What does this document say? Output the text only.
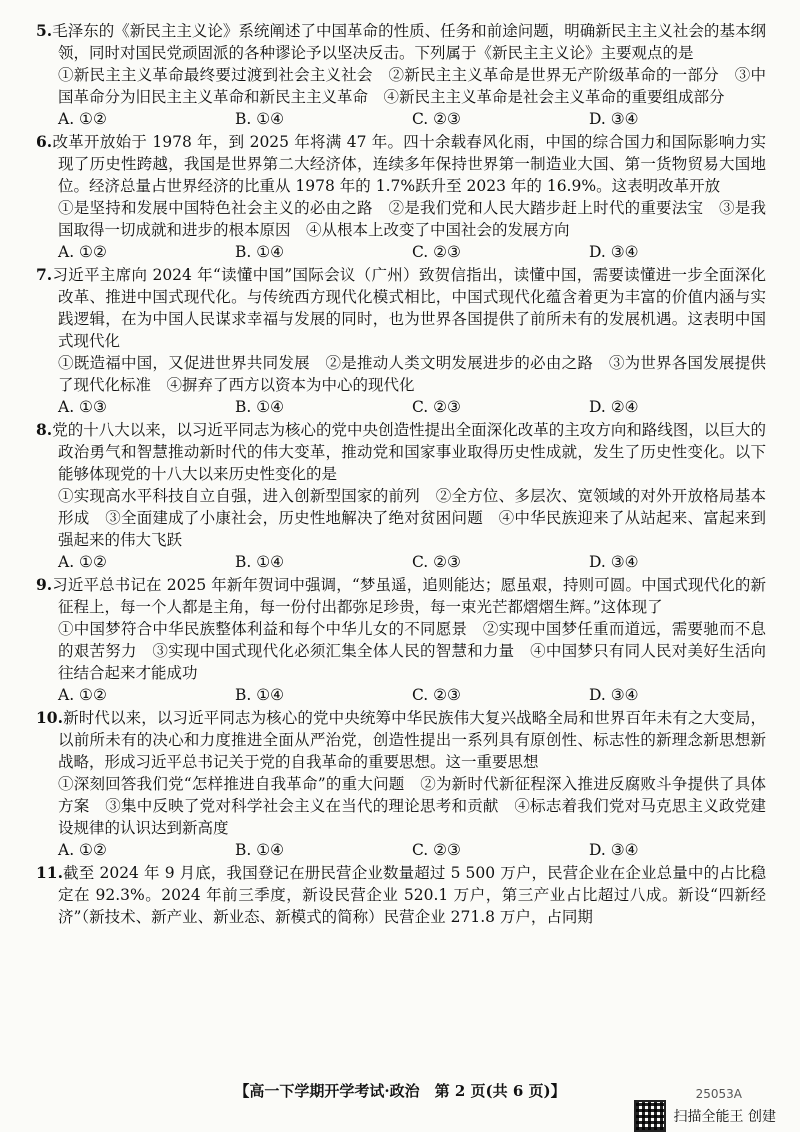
5.毛泽东的《新民主主义论》系统阐述了中国革命的性质、任务和前途问题，明确新民主主义社会的基本纲领，同时对国民党顽固派的各种谬论予以坚决反击。下列属于《新民主主义论》主要观点的是
①新民主主义革命最终要过渡到社会主义社会　②新民主主义革命是世界无产阶级革命的一部分　③中国革命分为旧民主主义革命和新民主主义革命　④新民主主义革命是社会主义革命的重要组成部分
A. ①②	B. ①④	C. ②③	D. ③④
6.改革开放始于 1978 年，到 2025 年将满 47 年。四十余载春风化雨，中国的综合国力和国际影响力实现了历史性跨越，我国是世界第二大经济体，连续多年保持世界第一制造业大国、第一货物贸易大国地位。经济总量占世界经济的比重从 1978 年的 1.7%跃升至 2023 年的 16.9%。这表明改革开放
①是坚持和发展中国特色社会主义的必由之路　②是我们党和人民大踏步赶上时代的重要法宝　③是我国取得一切成就和进步的根本原因　④从根本上改变了中国社会的发展方向
A. ①②	B. ①④	C. ②③	D. ③④
7.习近平主席向 2024 年“读懂中国”国际会议（广州）致贺信指出，读懂中国，需要读懂进一步全面深化改革、推进中国式现代化。与传统西方现代化模式相比，中国式现代化蕴含着更为丰富的价值内涵与实践逻辑，在为中国人民谋求幸福与发展的同时，也为世界各国提供了前所未有的发展机遇。这表明中国式现代化
①既造福中国，又促进世界共同发展　②是推动人类文明发展进步的必由之路　③为世界各国发展提供了现代化标准　④摒弃了西方以资本为中心的现代化
A. ①③	B. ①④	C. ②③	D. ②④
8.党的十八大以来，以习近平同志为核心的党中央创造性提出全面深化改革的主攻方向和路线图，以巨大的政治勇气和智慧推动新时代的伟大变革，推动党和国家事业取得历史性成就，发生了历史性变化。以下能够体现党的十八大以来历史性变化的是
①实现高水平科技自立自强，进入创新型国家的前列　②全方位、多层次、宽领域的对外开放格局基本形成　③全面建成了小康社会，历史性地解决了绝对贫困问题　④中华民族迎来了从站起来、富起来到强起来的伟大飞跃
A. ①②	B. ①④	C. ②③	D. ③④
9.习近平总书记在 2025 年新年贺词中强调，“梦虽遥，追则能达；愿虽艰，持则可圆。中国式现代化的新征程上，每一个人都是主角，每一份付出都弥足珍贵，每一束光芒都熠熠生辉。”这体现了
①中国梦符合中华民族整体利益和每个中华儿女的不同愿景　②实现中国梦任重而道远，需要驰而不息的艰苦努力　③实现中国式现代化必须汇集全体人民的智慧和力量　④中国梦只有同人民对美好生活向往结合起来才能成功
A. ①②	B. ①④	C. ②③	D. ③④
10.新时代以来，以习近平同志为核心的党中央统筹中华民族伟大复兴战略全局和世界百年未有之大变局，以前所未有的决心和力度推进全面从严治党，创造性提出一系列具有原创性、标志性的新理念新思想新战略，形成习近平总书记关于党的自我革命的重要思想。这一重要思想
①深刻回答我们党“怎样推进自我革命”的重大问题　②为新时代新征程深入推进反腐败斗争提供了具体方案　③集中反映了党对科学社会主义在当代的理论思考和贡献　④标志着我们党对马克思主义政党建设规律的认识达到新高度
A. ①②	B. ①④	C. ②③	D. ③④
11.截至 2024 年 9 月底，我国登记在册民营企业数量超过 5 500 万户，民营企业在企业总量中的占比稳定在 92.3%。2024 年前三季度，新设民营企业 520.1 万户，第三产业占比超过八成。新设“四新经济”（新技术、新产业、新业态、新模式的简称）民营企业 271.8 万户，占同期
【高一下学期开学考试·政治　第 2 页(共 6 页)】	25053A
扫描全能王 创建
